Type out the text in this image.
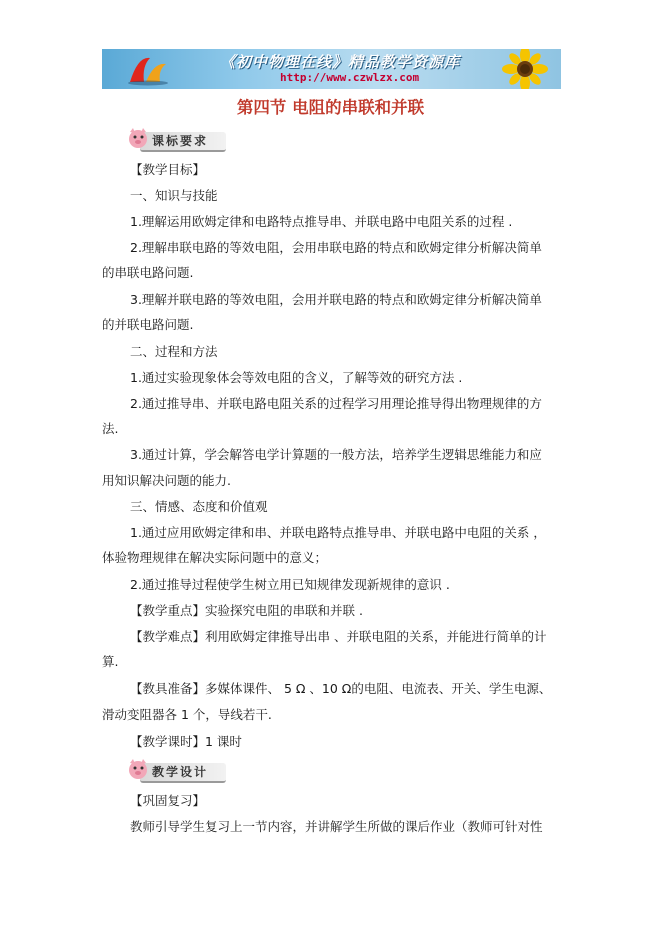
《初中物理在线》精品教学资源库
http://www.czwlzx.com
第四节 电阻的串联和并联
课标要求
【教学目标】
一、知识与技能
1.理解运用欧姆定律和电路特点推导串、并联电路中电阻关系的过程 .
2.理解串联电路的等效电阻，会用串联电路的特点和欧姆定律分析解决简单
的串联电路问题.
3.理解并联电路的等效电阻，会用并联电路的特点和欧姆定律分析解决简单
的并联电路问题.
二、过程和方法
1.通过实验现象体会等效电阻的含义，了解等效的研究方法 .
2.通过推导串、并联电路电阻关系的过程学习用理论推导得出物理规律的方
法.
3.通过计算，学会解答电学计算题的一般方法，培养学生逻辑思维能力和应
用知识解决问题的能力.
三、情感、态度和价值观
1.通过应用欧姆定律和串、并联电路特点推导串、并联电路中电阻的关系 ，
体验物理规律在解决实际问题中的意义；
2.通过推导过程使学生树立用已知规律发现新规律的意识 .
【教学重点】实验探究电阻的串联和并联 .
【教学难点】利用欧姆定律推导出串 、并联电阻的关系，并能进行简单的计
算.
【教具准备】多媒体课件、 5 Ω 、10 Ω的电阻、电流表、开关、学生电源、
滑动变阻器各 1 个，导线若干.
【教学课时】1 课时
教学设计
【巩固复习】
教师引导学生复习上一节内容，并讲解学生所做的课后作业（教师可针对性
